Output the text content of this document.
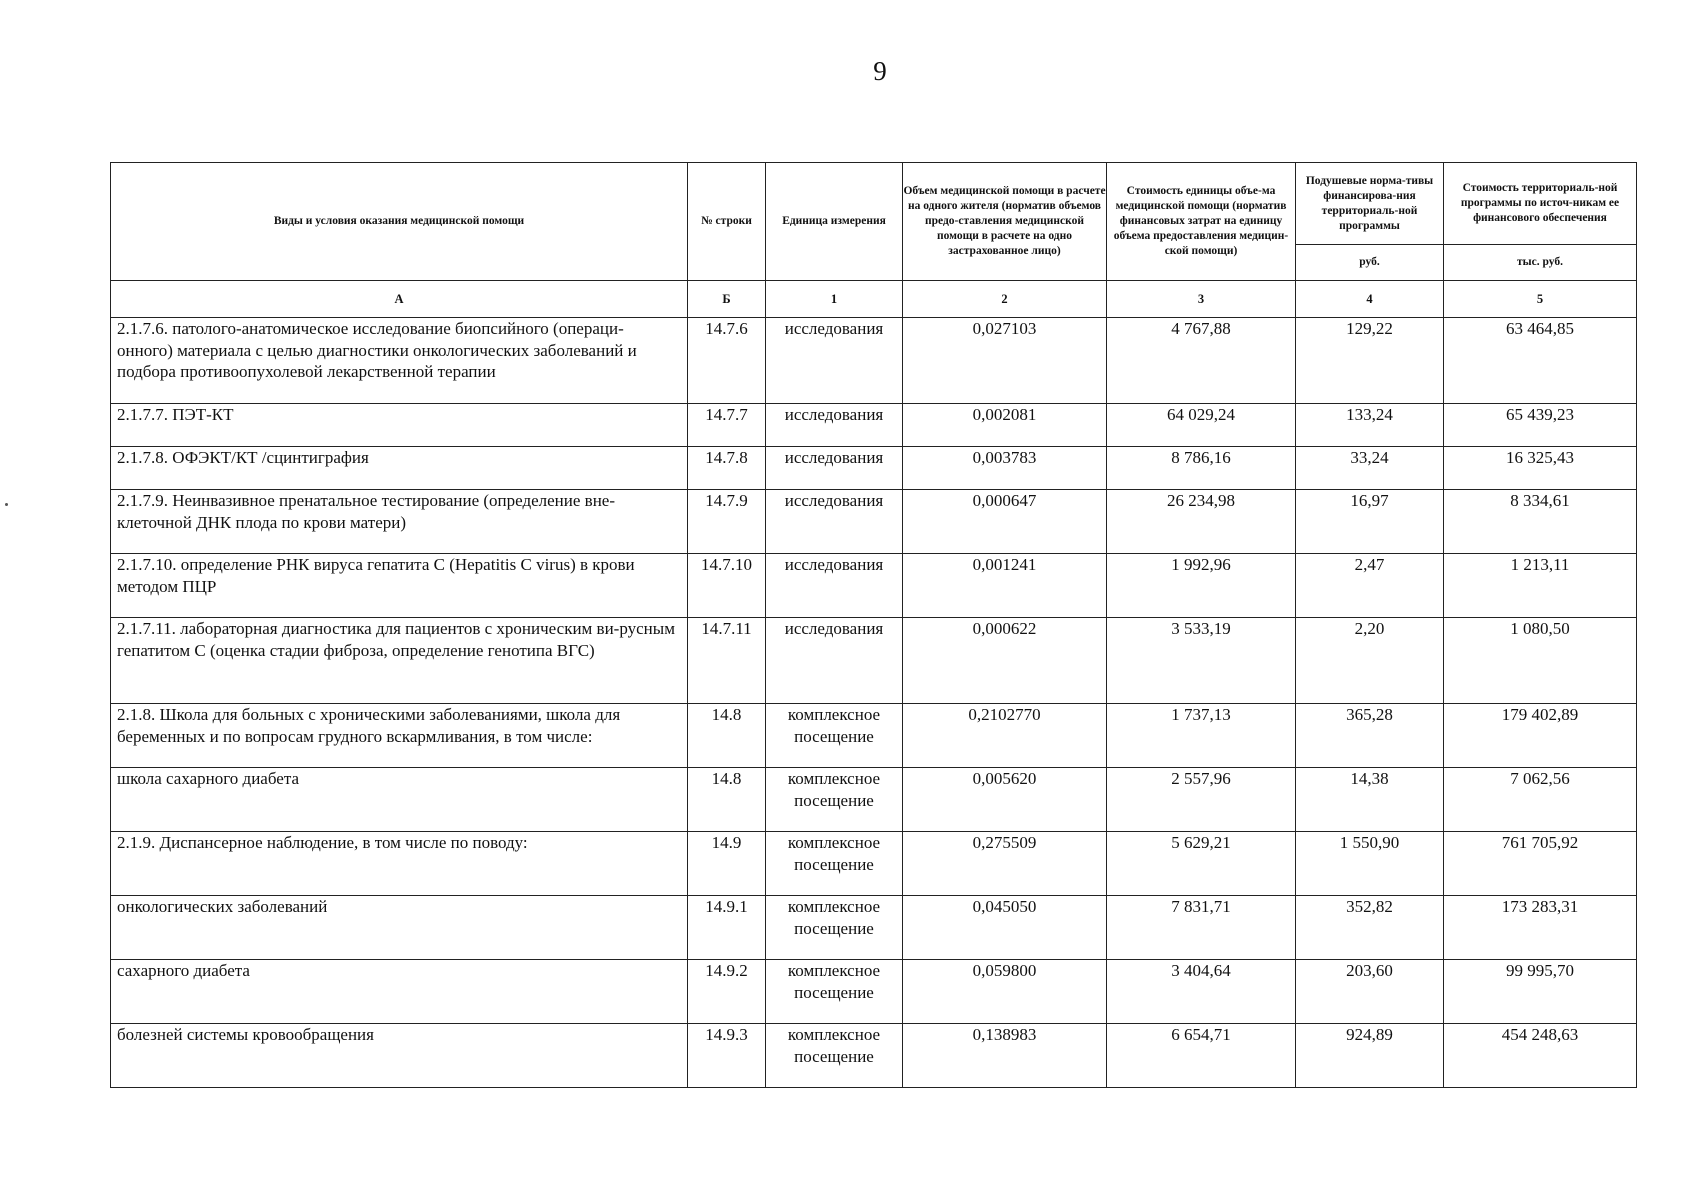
9
Виды и условия оказания медицинской помощи	№ строки	Единица измерения	Объем медицинской помощи в расчете на одного жителя (норматив объемов предо-ставления медицинской помощи в расчете на одно застрахованное лицо)	Стоимость единицы объе-ма медицинской помощи (норматив финансовых затрат на единицу объема предоставления медицин-ской помощи)	Подушевые норма-тивы финансирова-ния территориаль-ной программы	Стоимость территориаль-ной программы по источ-никам ее финансового обеспечения
					руб.	тыс. руб.
А	Б	1	2	3	4	5
2.1.7.6. патолого-анатомическое исследование биопсийного (операци-онного) материала с целью диагностики онкологических заболеваний и подбора противоопухолевой лекарственной терапии	14.7.6	исследования	0,027103	4 767,88	129,22	63 464,85
2.1.7.7. ПЭТ-КТ	14.7.7	исследования	0,002081	64 029,24	133,24	65 439,23
2.1.7.8. ОФЭКТ/КТ /сцинтиграфия	14.7.8	исследования	0,003783	8 786,16	33,24	16 325,43
2.1.7.9. Неинвазивное пренатальное тестирование (определение вне-клеточной ДНК плода по крови матери)	14.7.9	исследования	0,000647	26 234,98	16,97	8 334,61
2.1.7.10. определение РНК вируса гепатита С (Hepatitis C virus) в крови методом ПЦР	14.7.10	исследования	0,001241	1 992,96	2,47	1 213,11
2.1.7.11. лабораторная диагностика для пациентов с хроническим ви-русным гепатитом С (оценка стадии фиброза, определение генотипа ВГС)	14.7.11	исследования	0,000622	3 533,19	2,20	1 080,50
2.1.8. Школа для больных с хроническими заболеваниями, школа для беременных и по вопросам грудного вскармливания, в том числе:	14.8	комплексное посещение	0,2102770	1 737,13	365,28	179 402,89
школа сахарного диабета	14.8	комплексное посещение	0,005620	2 557,96	14,38	7 062,56
2.1.9. Диспансерное наблюдение, в том числе по поводу:	14.9	комплексное посещение	0,275509	5 629,21	1 550,90	761 705,92
онкологических заболеваний	14.9.1	комплексное посещение	0,045050	7 831,71	352,82	173 283,31
сахарного диабета	14.9.2	комплексное посещение	0,059800	3 404,64	203,60	99 995,70
болезней системы кровообращения	14.9.3	комплексное посещение	0,138983	6 654,71	924,89	454 248,63
